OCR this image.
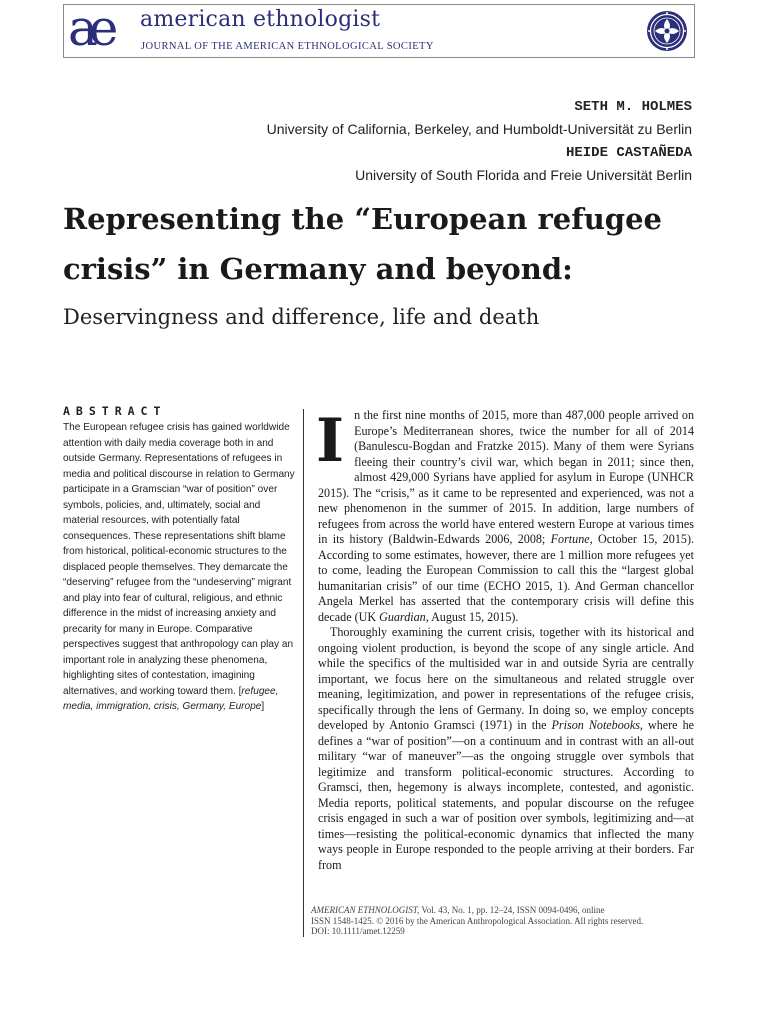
ae american ethnologist
JOURNAL OF THE AMERICAN ETHNOLOGICAL SOCIETY
SETH M. HOLMES
University of California, Berkeley, and Humboldt-Universität zu Berlin
HEIDE CASTAÑEDA
University of South Florida and Freie Universität Berlin
Representing the “European refugee crisis” in Germany and beyond:
Deservingness and difference, life and death
ABSTRACT
The European refugee crisis has gained worldwide attention with daily media coverage both in and outside Germany. Representations of refugees in media and political discourse in relation to Germany participate in a Gramscian “war of position” over symbols, policies, and, ultimately, social and material resources, with potentially fatal consequences. These representations shift blame from historical, political-economic structures to the displaced people themselves. They demarcate the “deserving” refugee from the “undeserving” migrant and play into fear of cultural, religious, and ethnic difference in the midst of increasing anxiety and precarity for many in Europe. Comparative perspectives suggest that anthropology can play an important role in analyzing these phenomena, highlighting sites of contestation, imagining alternatives, and working toward them. [refugee, media, immigration, crisis, Germany, Europe]

In the first nine months of 2015, more than 487,000 people arrived on Europe’s Mediterranean shores, twice the number for all of 2014 (Banulescu-Bogdan and Fratzke 2015). Many of them were Syrians fleeing their country’s civil war, which began in 2011; since then, almost 429,000 Syrians have applied for asylum in Europe (UNHCR 2015). The “crisis,” as it came to be represented and experienced, was not a new phenomenon in the summer of 2015. In addition, large numbers of refugees from across the world have entered western Europe at various times in its history (Baldwin-Edwards 2006, 2008; Fortune, October 15, 2015). According to some estimates, however, there are 1 million more refugees yet to come, leading the European Commission to call this the “largest global humanitarian crisis” of our time (ECHO 2015, 1). And German chancellor Angela Merkel has asserted that the contemporary crisis will define this decade (UK Guardian, August 15, 2015).

Thoroughly examining the current crisis, together with its historical and ongoing violent production, is beyond the scope of any single article. And while the specifics of the multisided war in and outside Syria are centrally important, we focus here on the simultaneous and related struggle over meaning, legitimization, and power in representations of the refugee crisis, specifically through the lens of Germany. In doing so, we employ concepts developed by Antonio Gramsci (1971) in the Prison Notebooks, where he defines a “war of position”—on a continuum and in contrast with an all-out military “war of maneuver”—as the ongoing struggle over symbols that legitimize and transform political-economic structures. According to Gramsci, then, hegemony is always incomplete, contested, and agonistic. Media reports, political statements, and popular discourse on the refugee crisis engaged in such a war of position over symbols, legitimizing and—at times—resisting the political-economic dynamics that inflected the many ways people in Europe responded to the people arriving at their borders. Far from

AMERICAN ETHNOLOGIST, Vol. 43, No. 1, pp. 12–24, ISSN 0094-0496, online
ISSN 1548-1425. © 2016 by the American Anthropological Association. All rights reserved.
DOI: 10.1111/amet.12259
